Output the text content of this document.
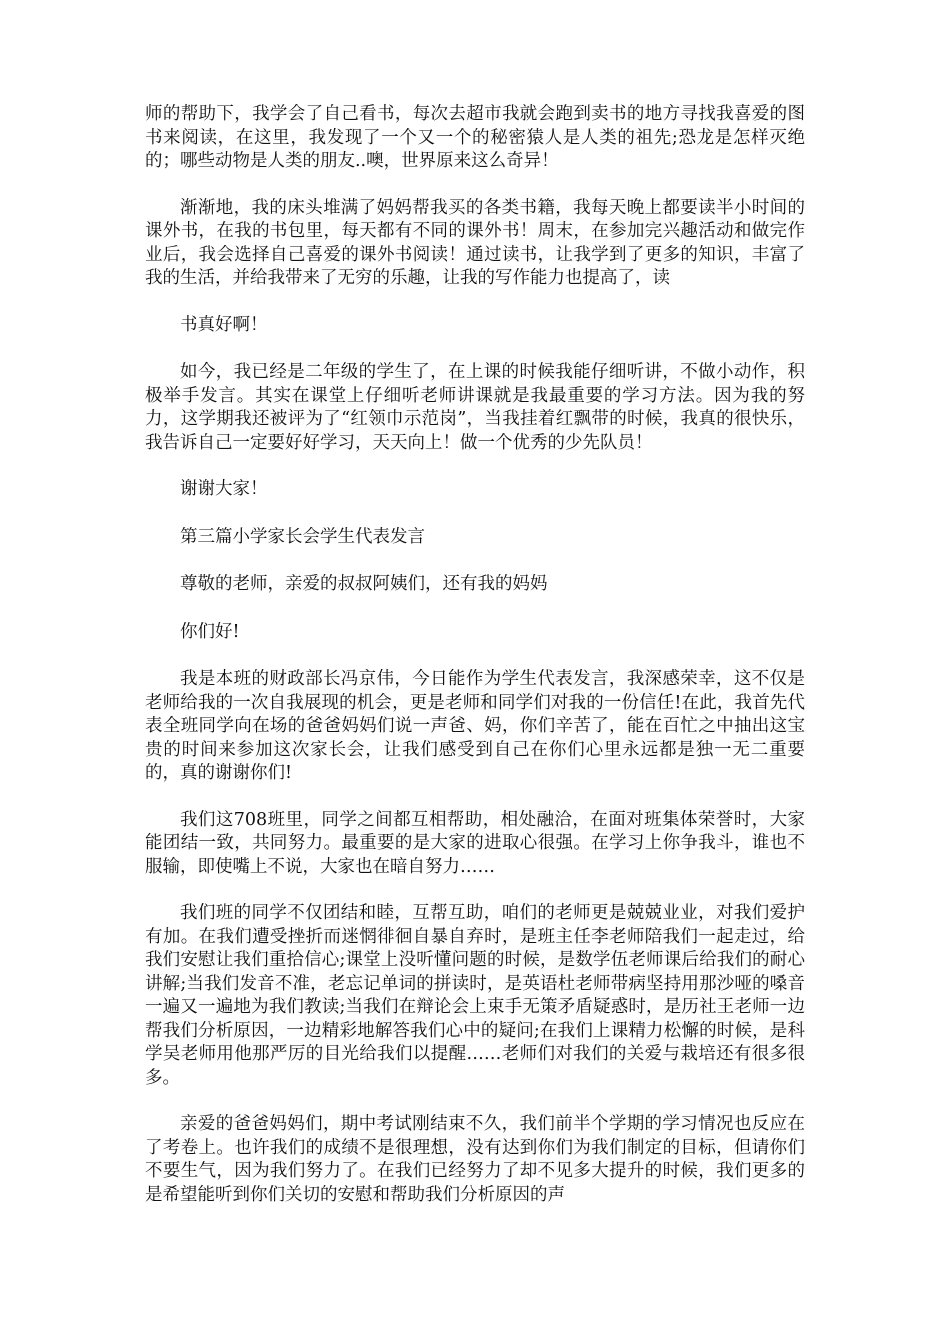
师的帮助下，我学会了自己看书，每次去超市我就会跑到卖书的地方寻找我喜爱的图书来阅读，在这里，我发现了一个又一个的秘密猿人是人类的祖先;恐龙是怎样灭绝的；哪些动物是人类的朋友..噢，世界原来这么奇异！

渐渐地，我的床头堆满了妈妈帮我买的各类书籍，我每天晚上都要读半小时间的课外书，在我的书包里，每天都有不同的课外书！周末，在参加完兴趣活动和做完作业后，我会选择自己喜爱的课外书阅读！通过读书，让我学到了更多的知识，丰富了我的生活，并给我带来了无穷的乐趣，让我的写作能力也提高了，读

书真好啊！

如今，我已经是二年级的学生了，在上课的时候我能仔细听讲，不做小动作，积极举手发言。其实在课堂上仔细听老师讲课就是我最重要的学习方法。因为我的努力，这学期我还被评为了“红领巾示范岗”，当我挂着红飘带的时候，我真的很快乐，我告诉自己一定要好好学习，天天向上！做一个优秀的少先队员！

谢谢大家！

第三篇小学家长会学生代表发言

尊敬的老师，亲爱的叔叔阿姨们，还有我的妈妈

你们好!

我是本班的财政部长冯京伟，今日能作为学生代表发言，我深感荣幸，这不仅是老师给我的一次自我展现的机会，更是老师和同学们对我的一份信任!在此，我首先代表全班同学向在场的爸爸妈妈们说一声爸、妈，你们辛苦了，能在百忙之中抽出这宝贵的时间来参加这次家长会，让我们感受到自己在你们心里永远都是独一无二重要的，真的谢谢你们!

我们这708班里，同学之间都互相帮助，相处融洽，在面对班集体荣誉时，大家能团结一致，共同努力。最重要的是大家的进取心很强。在学习上你争我斗，谁也不服输，即使嘴上不说，大家也在暗自努力……

我们班的同学不仅团结和睦，互帮互助，咱们的老师更是兢兢业业，对我们爱护有加。在我们遭受挫折而迷惘徘徊自暴自弃时，是班主任李老师陪我们一起走过，给我们安慰让我们重拾信心;课堂上没听懂问题的时候，是数学伍老师课后给我们的耐心讲解;当我们发音不准，老忘记单词的拼读时，是英语杜老师带病坚持用那沙哑的嗓音一遍又一遍地为我们教读;当我们在辩论会上束手无策矛盾疑惑时，是历社王老师一边帮我们分析原因，一边精彩地解答我们心中的疑问;在我们上课精力松懈的时候，是科学吴老师用他那严厉的目光给我们以提醒……老师们对我们的关爱与栽培还有很多很多。

亲爱的爸爸妈妈们，期中考试刚结束不久，我们前半个学期的学习情况也反应在了考卷上。也许我们的成绩不是很理想，没有达到你们为我们制定的目标，但请你们不要生气，因为我们努力了。在我们已经努力了却不见多大提升的时候，我们更多的是希望能听到你们关切的安慰和帮助我们分析原因的声
